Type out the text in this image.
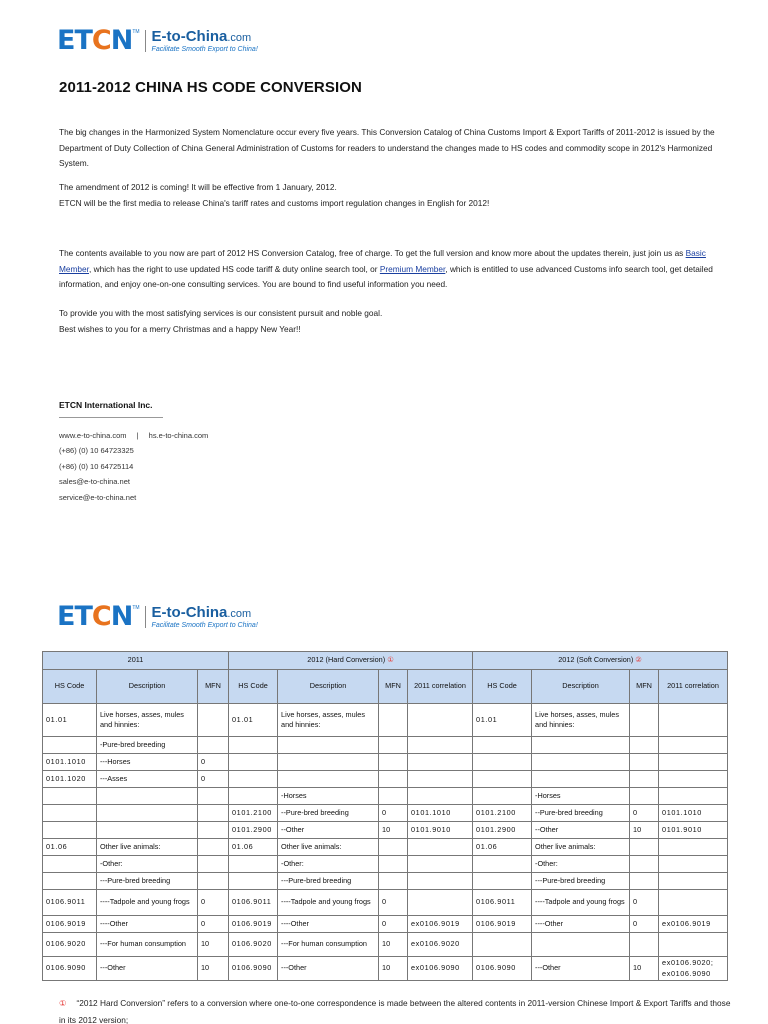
ETCN TM E-to-China.com
Facilitate Smooth Export to China!
2011-2012 CHINA HS CODE CONVERSION
The big changes in the Harmonized System Nomenclature occur every five years. This Conversion Catalog of China Customs Import & Export Tariffs of 2011-2012 is issued by the Department of Duty Collection of China General Administration of Customs for readers to understand the changes made to HS codes and commodity scope in 2012's Harmonized System.
The amendment of 2012 is coming! It will be effective from 1 January, 2012.
ETCN will be the first media to release China's tariff rates and customs import regulation changes in English for 2012!
The contents available to you now are part of 2012 HS Conversion Catalog, free of charge. To get the full version and know more about the updates therein, just join us as Basic Member, which has the right to use updated HS code tariff & duty online search tool, or Premium Member, which is entitled to use advanced Customs info search tool, get detailed information, and enjoy one-on-one consulting services. You are bound to find useful information you need.
To provide you with the most satisfying services is our consistent pursuit and noble goal.
Best wishes to you for a merry Christmas and a happy New Year!!
ETCN International Inc.
www.e-to-china.com | hs.e-to-china.com
(+86) (0) 10 64723325
(+86) (0) 10 64725114
sales@e-to-china.net
service@e-to-china.net
ETCN TM E-to-China.com
Facilitate Smooth Export to China!
2011			2012 (Hard Conversion) ①				2012 (Soft Conversion) ②			
HS Code	Description	MFN	HS Code	Description	MFN	2011 correlation	HS Code	Description	MFN	2011 correlation
01.01	Live horses, asses, mules and hinnies:		01.01	Live horses, asses, mules and hinnies:			01.01	Live horses, asses, mules and hinnies:		
	-Pure-bred breeding									
0101.1010	---Horses	0								
0101.1020	---Asses	0								
				-Horses				-Horses		
			0101.2100	--Pure-bred breeding	0	0101.1010	0101.2100	--Pure-bred breeding	0	0101.1010
			0101.2900	--Other	10	0101.9010	0101.2900	--Other	10	0101.9010
01.06	Other live animals:		01.06	Other live animals:			01.06	Other live animals:		
	-Other:			-Other:				-Other:		
	---Pure-bred breeding			---Pure-bred breeding				---Pure-bred breeding		
0106.9011	----Tadpole and young frogs	0	0106.9011	----Tadpole and young frogs	0		0106.9011	----Tadpole and young frogs	0	
0106.9019	----Other	0	0106.9019	----Other	0	ex0106.9019	0106.9019	----Other	0	ex0106.9019
0106.9020	---For human consumption	10	0106.9020	---For human consumption	10	ex0106.9020				
0106.9090	---Other	10	0106.9090	---Other	10	ex0106.9090	0106.9090	---Other	10	ex0106.9020; ex0106.9090
① “2012 Hard Conversion” refers to a conversion where one-to-one correspondence is made between the altered contents in 2011-version Chinese Import & Export Tariffs and those in its 2012 version;
